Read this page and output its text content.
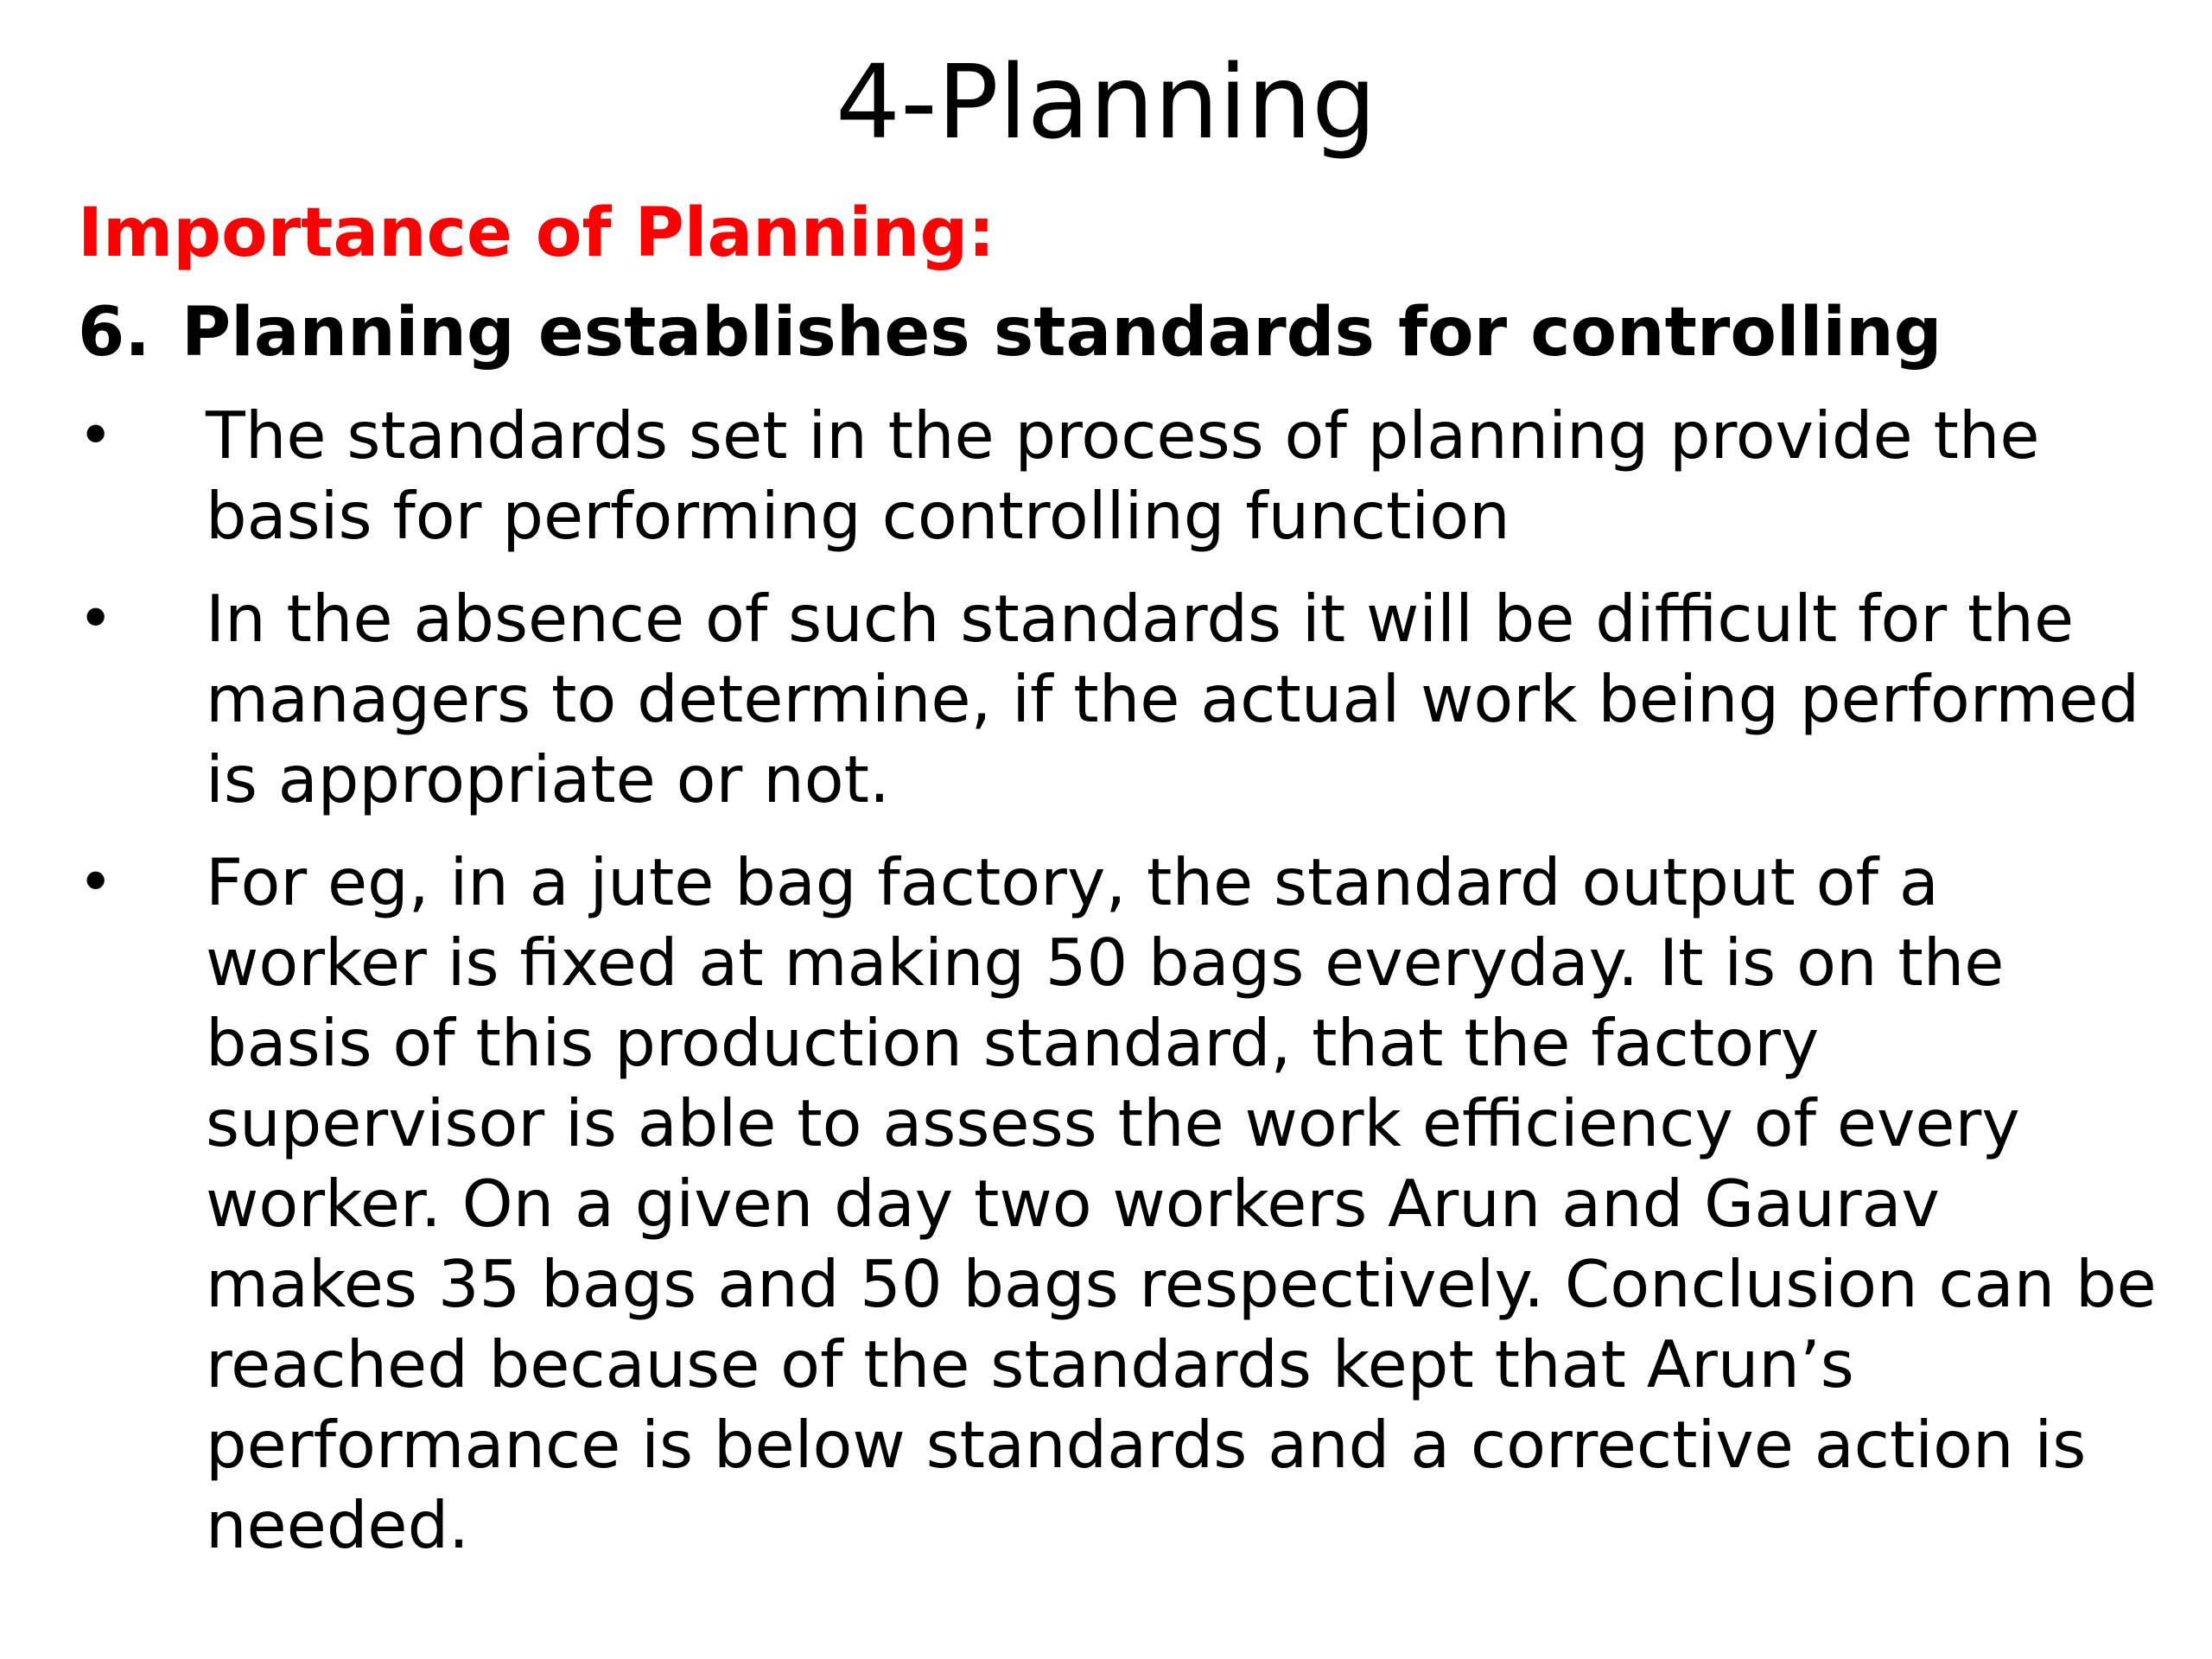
4-Planning
Importance of Planning:
6. Planning establishes standards for controlling
• The standards set in the process of planning provide the basis for performing controlling function
• In the absence of such standards it will be difficult for the managers to determine, if the actual work being performed is appropriate or not.
• For eg, in a jute bag factory, the standard output of a worker is fixed at making 50 bags everyday. It is on the basis of this production standard, that the factory supervisor is able to assess the work efficiency of every worker. On a given day two workers Arun and Gaurav makes 35 bags and 50 bags respectively. Conclusion can be reached because of the standards kept that Arun’s performance is below standards and a corrective action is needed.
